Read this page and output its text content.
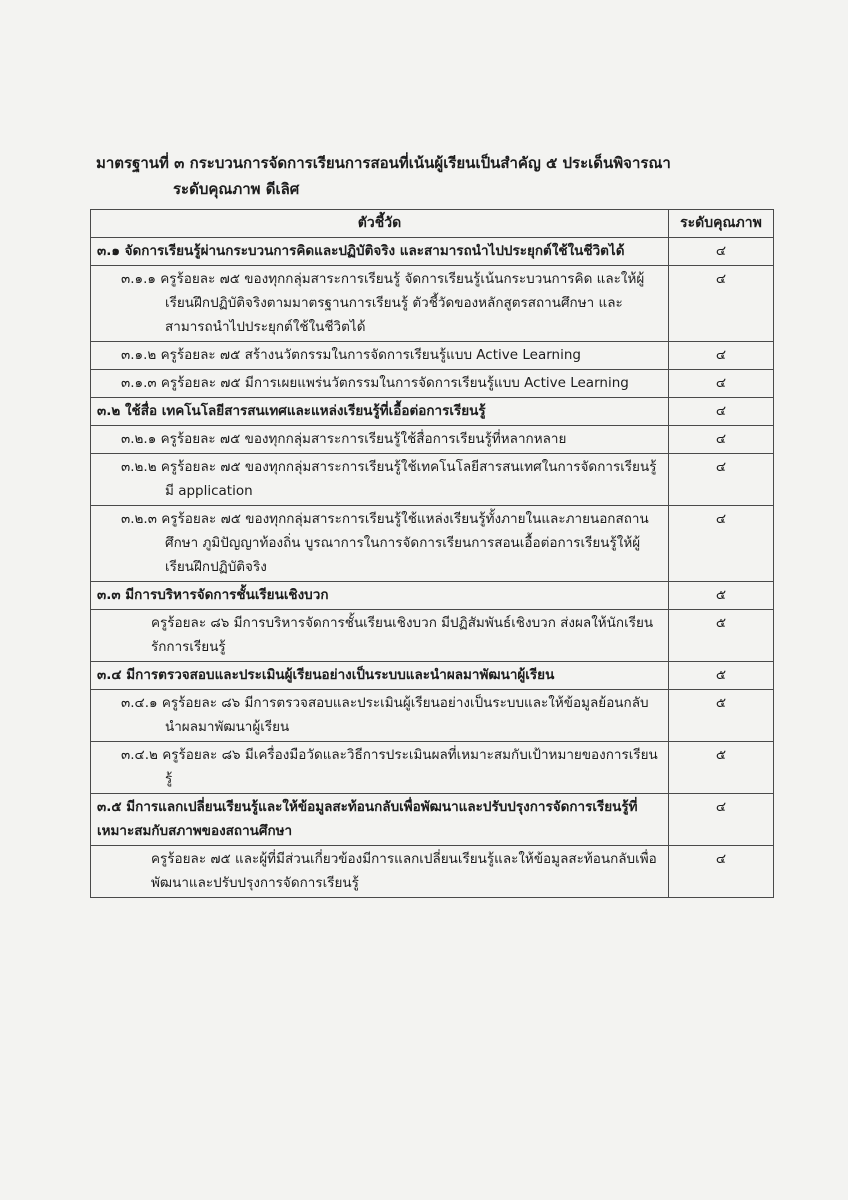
มาตรฐานที่ ๓ กระบวนการจัดการเรียนการสอนที่เน้นผู้เรียนเป็นสำคัญ ๕ ประเด็นพิจารณา
ระดับคุณภาพ ดีเลิศ
ตัวชี้วัด	ระดับคุณภาพ
๓.๑ จัดการเรียนรู้ผ่านกระบวนการคิดและปฏิบัติจริง และสามารถนำไปประยุกต์ใช้ในชีวิตได้	๔

๓.๑.๑ ครูร้อยละ ๗๕ ของทุกกลุ่มสาระการเรียนรู้ จัดการเรียนรู้เน้นกระบวนการคิด และให้ผู้เรียนฝึกปฏิบัติจริงตามมาตรฐานการเรียนรู้ ตัวชี้วัดของหลักสูตรสถานศึกษา และสามารถนำไปประยุกต์ใช้ในชีวิตได้	๔

๓.๑.๒ ครูร้อยละ ๗๕ สร้างนวัตกรรมในการจัดการเรียนรู้แบบ Active Learning	๔

๓.๑.๓ ครูร้อยละ ๗๕ มีการเผยแพร่นวัตกรรมในการจัดการเรียนรู้แบบ Active Learning	๔
๓.๒ ใช้สื่อ เทคโนโลยีสารสนเทศและแหล่งเรียนรู้ที่เอื้อต่อการเรียนรู้	๔

๓.๒.๑ ครูร้อยละ ๗๕ ของทุกกลุ่มสาระการเรียนรู้ใช้สื่อการเรียนรู้ที่หลากหลาย	๔

๓.๒.๒ ครูร้อยละ ๗๕ ของทุกกลุ่มสาระการเรียนรู้ใช้เทคโนโลยีสารสนเทศในการจัดการเรียนรู้ มี application	๔

๓.๒.๓ ครูร้อยละ ๗๕ ของทุกกลุ่มสาระการเรียนรู้ใช้แหล่งเรียนรู้ทั้งภายในและภายนอกสถานศึกษา ภูมิปัญญาท้องถิ่น บูรณาการในการจัดการเรียนการสอนเอื้อต่อการเรียนรู้ให้ผู้เรียนฝึกปฏิบัติจริง	๔
๓.๓ มีการบริหารจัดการชั้นเรียนเชิงบวก	๕
ครูร้อยละ ๘๖ มีการบริหารจัดการชั้นเรียนเชิงบวก มีปฏิสัมพันธ์เชิงบวก ส่งผลให้นักเรียนรักการเรียนรู้	๕
๓.๔ มีการตรวจสอบและประเมินผู้เรียนอย่างเป็นระบบและนำผลมาพัฒนาผู้เรียน	๕

๓.๔.๑ ครูร้อยละ ๘๖ มีการตรวจสอบและประเมินผู้เรียนอย่างเป็นระบบและให้ข้อมูลย้อนกลับนำผลมาพัฒนาผู้เรียน	๕

๓.๔.๒ ครูร้อยละ ๘๖ มีเครื่องมือวัดและวิธีการประเมินผลที่เหมาะสมกับเป้าหมายของการเรียนรู้	๕
๓.๕ มีการแลกเปลี่ยนเรียนรู้และให้ข้อมูลสะท้อนกลับเพื่อพัฒนาและปรับปรุงการจัดการเรียนรู้ที่เหมาะสมกับสภาพของสถานศึกษา	๔
ครูร้อยละ ๗๕ และผู้ที่มีส่วนเกี่ยวข้องมีการแลกเปลี่ยนเรียนรู้และให้ข้อมูลสะท้อนกลับเพื่อพัฒนาและปรับปรุงการจัดการเรียนรู้	๔
